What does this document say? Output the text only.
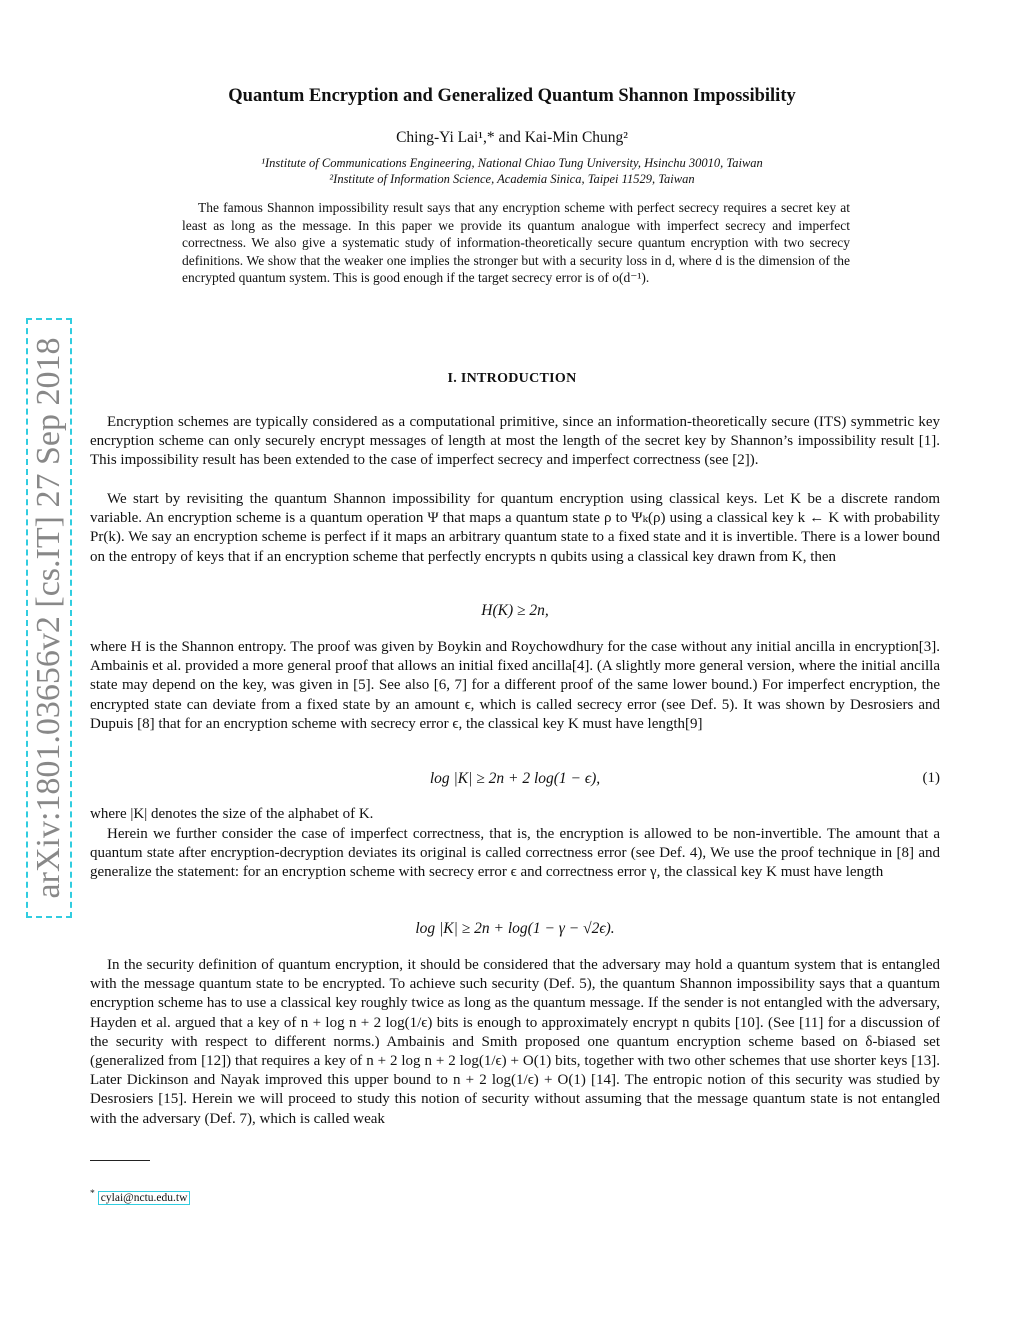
arXiv:1801.03656v2 [cs.IT] 27 Sep 2018
Quantum Encryption and Generalized Quantum Shannon Impossibility
Ching-Yi Lai¹,* and Kai-Min Chung²
¹Institute of Communications Engineering, National Chiao Tung University, Hsinchu 30010, Taiwan
²Institute of Information Science, Academia Sinica, Taipei 11529, Taiwan

The famous Shannon impossibility result says that any encryption scheme with perfect secrecy requires a secret key at least as long as the message. In this paper we provide its quantum analogue with imperfect secrecy and imperfect correctness. We also give a systematic study of information-theoretically secure quantum encryption with two secrecy definitions. We show that the weaker one implies the stronger but with a security loss in d, where d is the dimension of the encrypted quantum system. This is good enough if the target secrecy error is of o(d⁻¹).

I. INTRODUCTION

Encryption schemes are typically considered as a computational primitive, since an information-theoretically secure (ITS) symmetric key encryption scheme can only securely encrypt messages of length at most the length of the secret key by Shannon’s impossibility result [1]. This impossibility result has been extended to the case of imperfect secrecy and imperfect correctness (see [2]).

We start by revisiting the quantum Shannon impossibility for quantum encryption using classical keys. Let K be a discrete random variable. An encryption scheme is a quantum operation Ψ that maps a quantum state ρ to Ψₖ(ρ) using a classical key k ← K with probability Pr(k). We say an encryption scheme is perfect if it maps an arbitrary quantum state to a fixed state and it is invertible. There is a lower bound on the entropy of keys that if an encryption scheme that perfectly encrypts n qubits using a classical key drawn from K, then

H(K) ≥ 2n,

where H is the Shannon entropy. The proof was given by Boykin and Roychowdhury for the case without any initial ancilla in encryption[3]. Ambainis et al. provided a more general proof that allows an initial fixed ancilla[4]. (A slightly more general version, where the initial ancilla state may depend on the key, was given in [5]. See also [6, 7] for a different proof of the same lower bound.) For imperfect encryption, the encrypted state can deviate from a fixed state by an amount ϵ, which is called secrecy error (see Def. 5). It was shown by Desrosiers and Dupuis [8] that for an encryption scheme with secrecy error ϵ, the classical key K must have length[9]

log |K| ≥ 2n + 2 log(1 − ϵ),	(1)

where |K| denotes the size of the alphabet of K.

Herein we further consider the case of imperfect correctness, that is, the encryption is allowed to be non-invertible. The amount that a quantum state after encryption-decryption deviates its original is called correctness error (see Def. 4), We use the proof technique in [8] and generalize the statement: for an encryption scheme with secrecy error ϵ and correctness error γ, the classical key K must have length

log |K| ≥ 2n + log(1 − γ − √2ϵ).

In the security definition of quantum encryption, it should be considered that the adversary may hold a quantum system that is entangled with the message quantum state to be encrypted. To achieve such security (Def. 5), the quantum Shannon impossibility says that a quantum encryption scheme has to use a classical key roughly twice as long as the quantum message. If the sender is not entangled with the adversary, Hayden et al. argued that a key of n + log n + 2 log(1/ϵ) bits is enough to approximately encrypt n qubits [10]. (See [11] for a discussion of the security with respect to different norms.) Ambainis and Smith proposed one quantum encryption scheme based on δ-biased set (generalized from [12]) that requires a key of n + 2 log n + 2 log(1/ϵ) + O(1) bits, together with two other schemes that use shorter keys [13]. Later Dickinson and Nayak improved this upper bound to n + 2 log(1/ϵ) + O(1) [14]. The entropic notion of this security was studied by Desrosiers [15]. Herein we will proceed to study this notion of security without assuming that the message quantum state is not entangled with the adversary (Def. 7), which is called weak

* cylai@nctu.edu.tw
